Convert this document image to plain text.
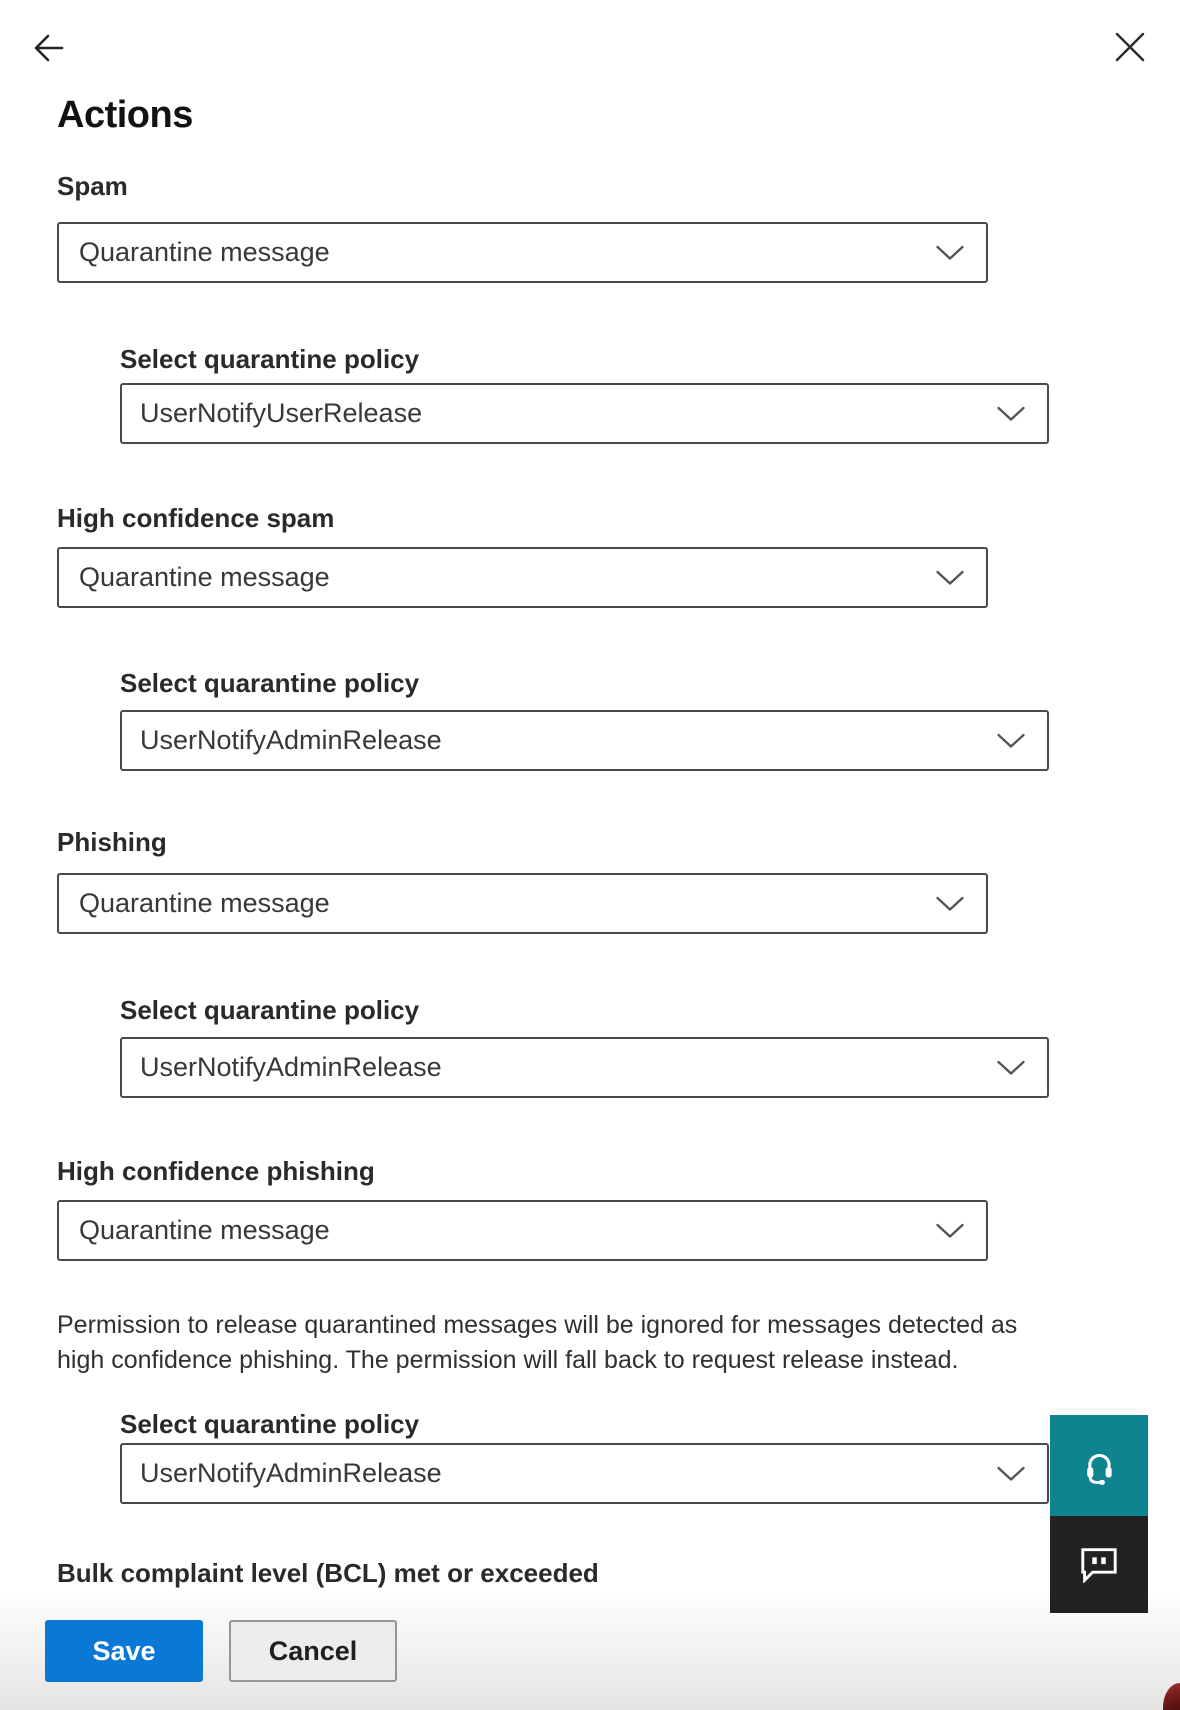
Actions
Spam
Quarantine message
Select quarantine policy
UserNotifyUserRelease
High confidence spam
Quarantine message
Select quarantine policy
UserNotifyAdminRelease
Phishing
Quarantine message
Select quarantine policy
UserNotifyAdminRelease
High confidence phishing
Quarantine message
Select quarantine policy
UserNotifyAdminRelease
Permission to release quarantined messages will be ignored for messages detected as high confidence phishing. The permission will fall back to request release instead.
Bulk complaint level (BCL) met or exceeded
Save	Cancel
